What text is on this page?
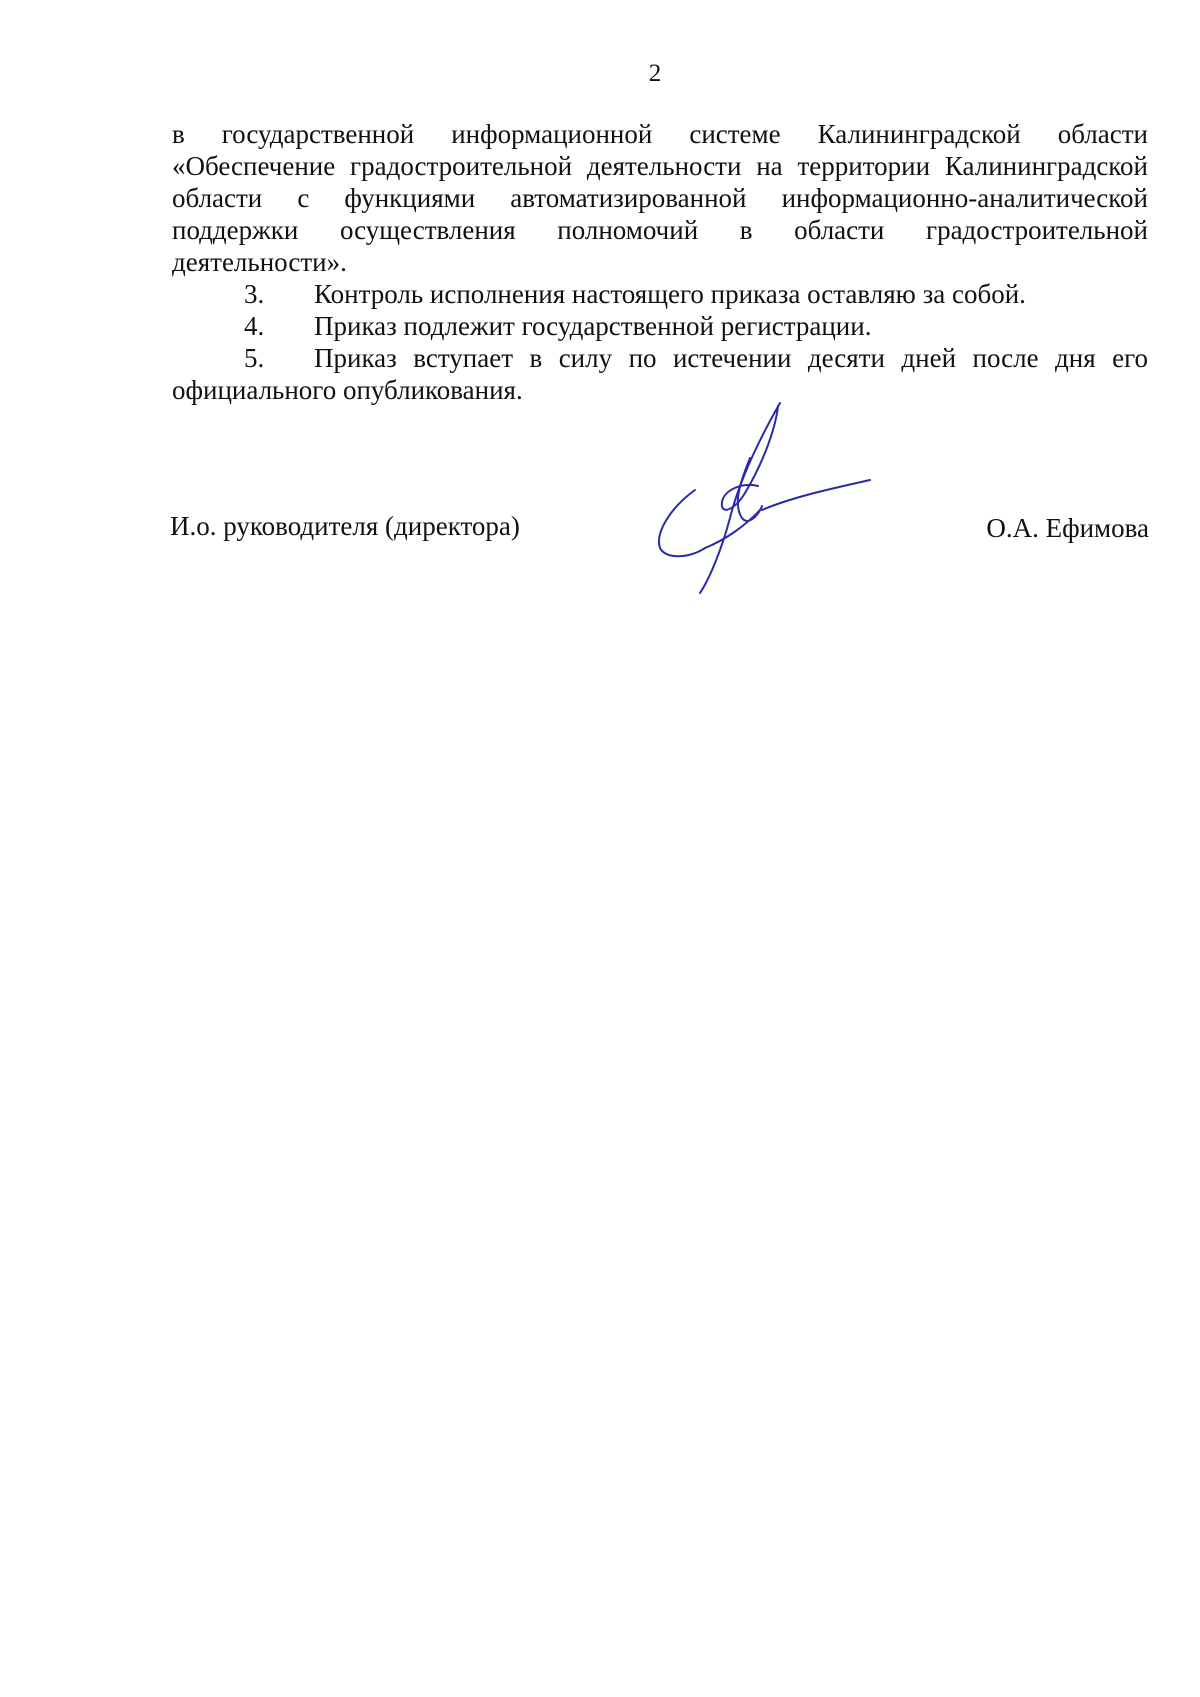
2

в государственной информационной системе Калининградской области «Обеспечение градостроительной деятельности на территории Калининградской области с функциями автоматизированной информационно-аналитической поддержки осуществления полномочий в области градостроительной деятельности».

3.	Контроль исполнения настоящего приказа оставляю за собой.
4.	Приказ подлежит государственной регистрации.

5. Приказ вступает в силу по истечении десяти дней после дня его официального опубликования.

И.о. руководителя (директора)	О.А. Ефимова
